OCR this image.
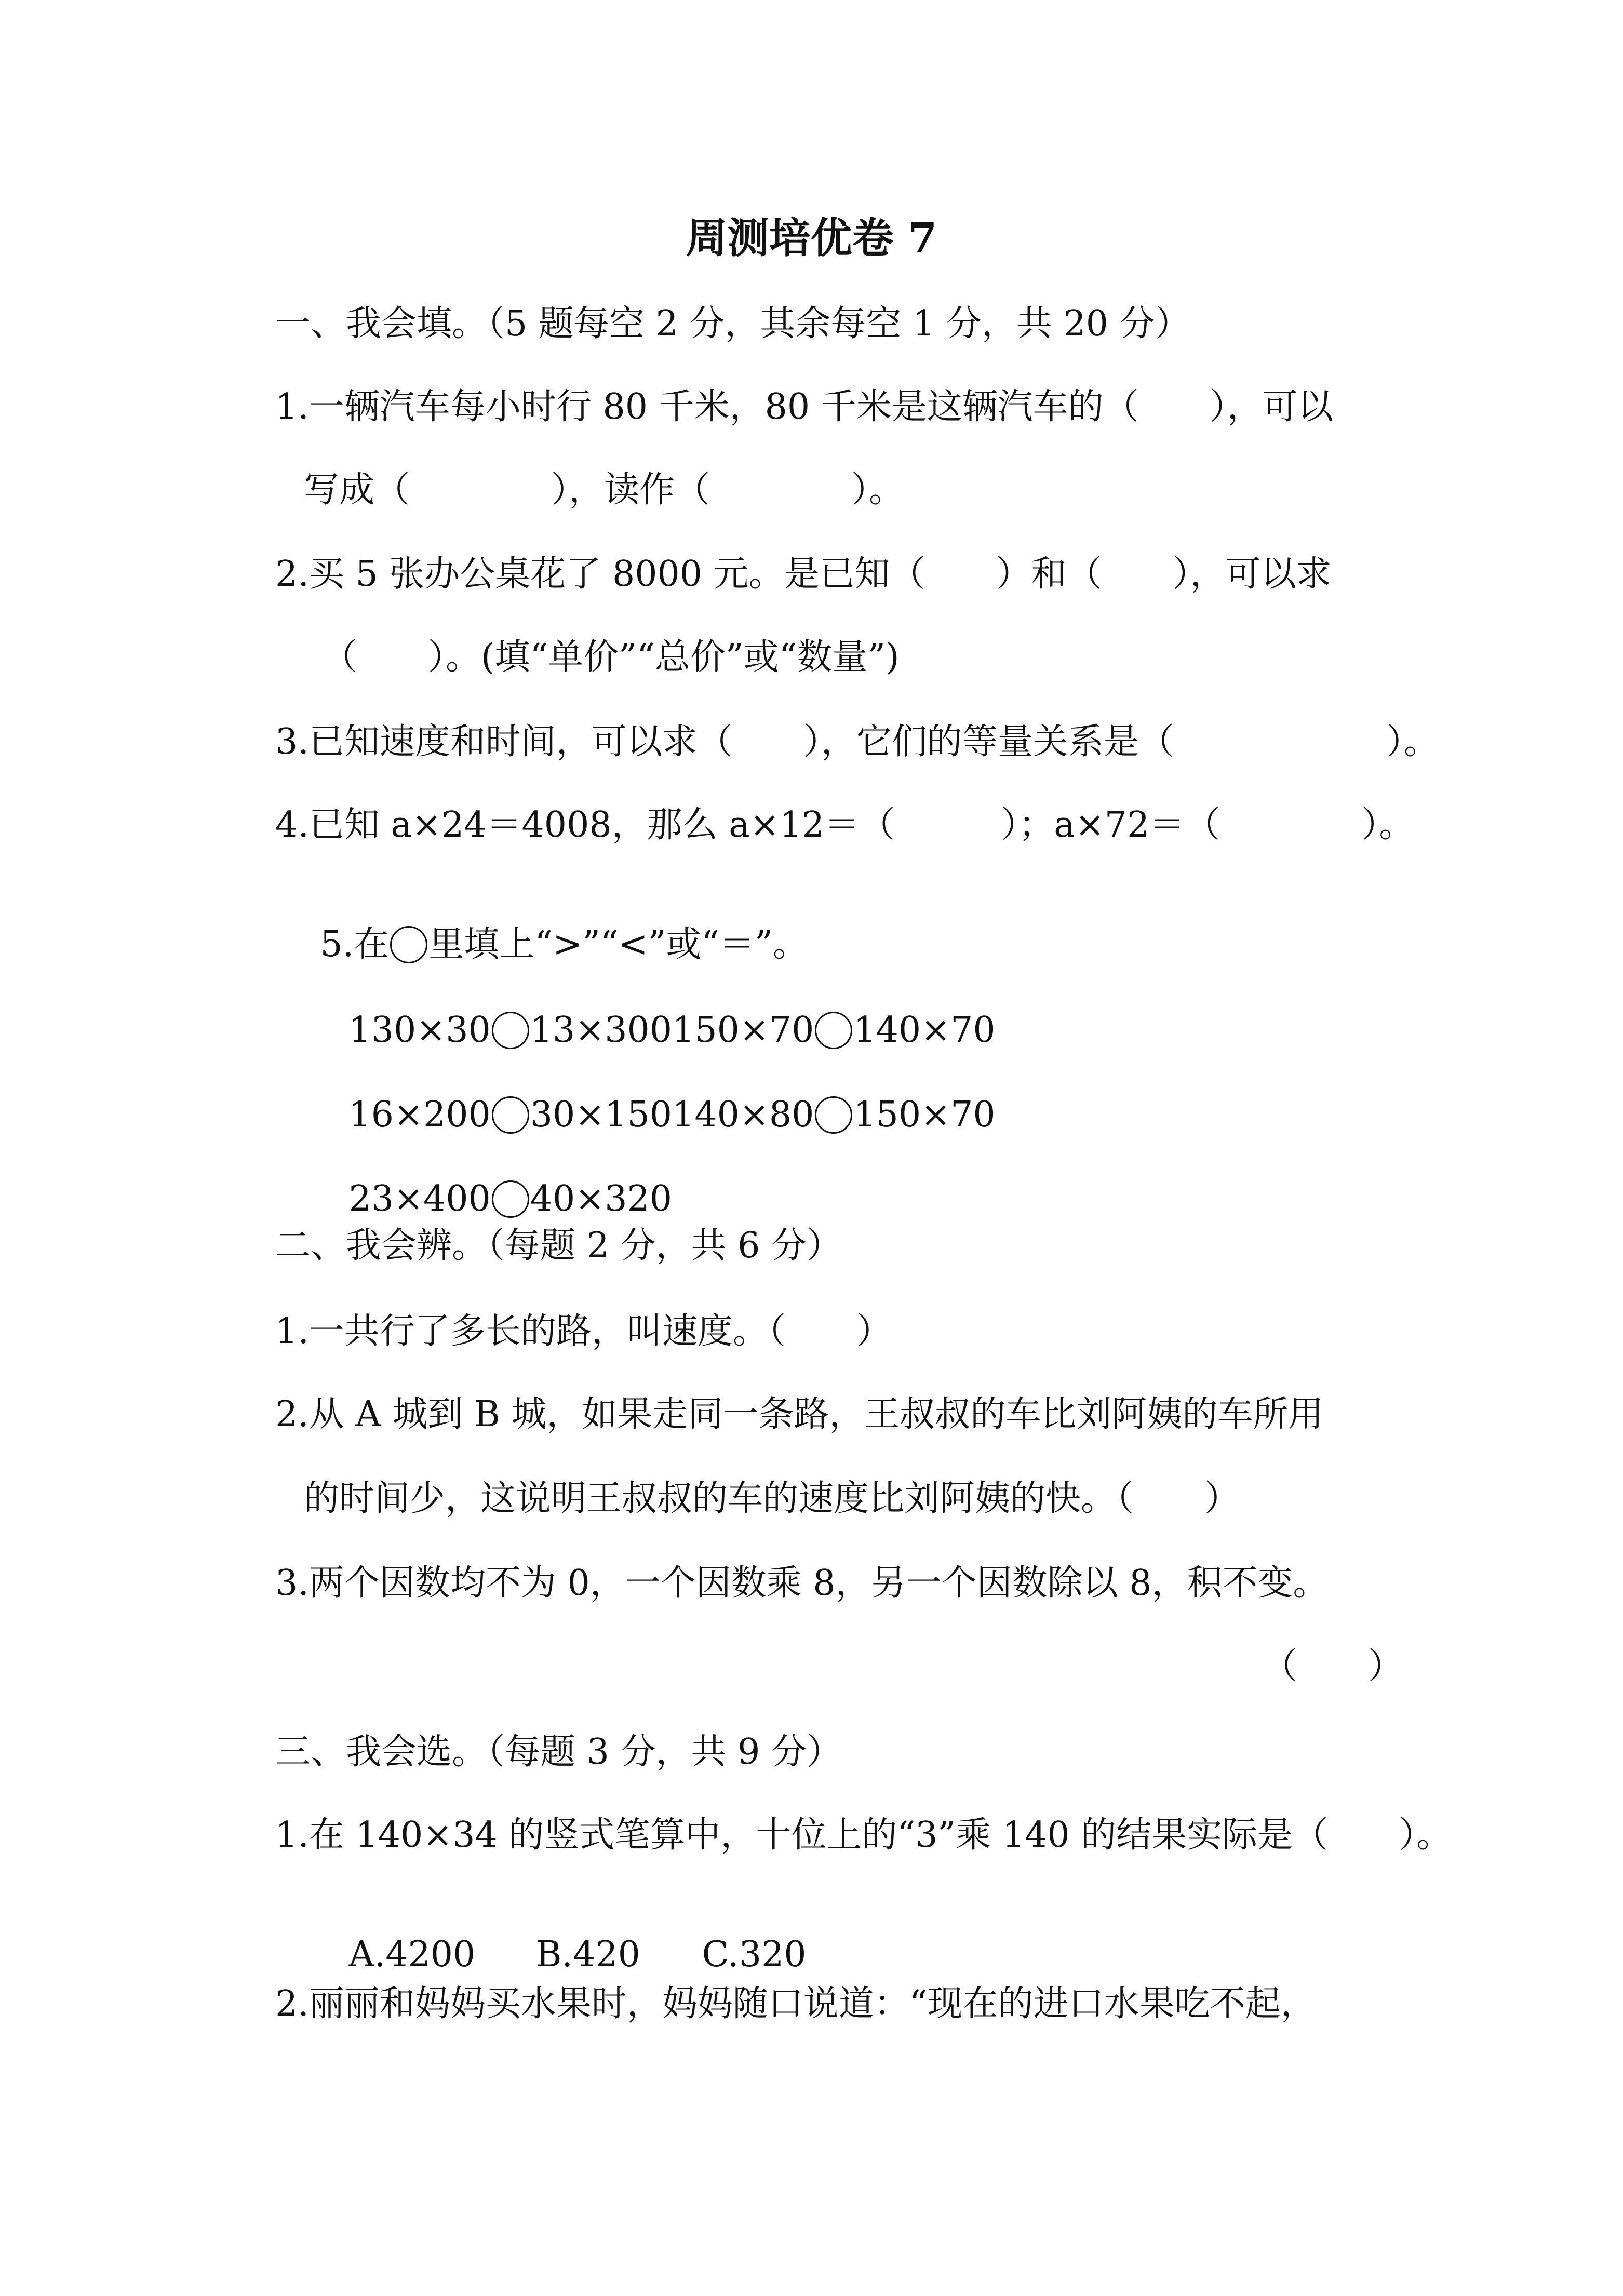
周测培优卷 7
一、我会填。（5 题每空 2 分，其余每空 1 分，共 20 分）
1.一辆汽车每小时行 80 千米，80 千米是这辆汽车的（　　），可以
写成（　　　　），读作（　　　　）。
2.买 5 张办公桌花了 8000 元。是已知（　　）和（　　），可以求
（　　）。(填“单价”“总价”或“数量”)
3.已知速度和时间，可以求（　　），它们的等量关系是（　　　　　　）。
4.已知 a×24＝4008，那么 a×12＝（　　　）；a×72＝（　　　　）。

5.在 里填上“>”“<”或“＝”。

130×30 13×300150×70 140×70

16×200 30×150140×80 150×70

23×400 40×320

二、我会辨。（每题 2 分，共 6 分）
1.一共行了多长的路，叫速度。（　　）
2.从 A 城到 B 城，如果走同一条路，王叔叔的车比刘阿姨的车所用
的时间少，这说明王叔叔的车的速度比刘阿姨的快。（　　）
3.两个因数均不为 0，一个因数乘 8，另一个因数除以 8，积不变。
（　　）
三、我会选。（每题 3 分，共 9 分）
1.在 140×34 的竖式笔算中，十位上的“3”乘 140 的结果实际是（　　）。

A.4200 B.420 C.320

2.丽丽和妈妈买水果时，妈妈随口说道：“现在的进口水果吃不起，
